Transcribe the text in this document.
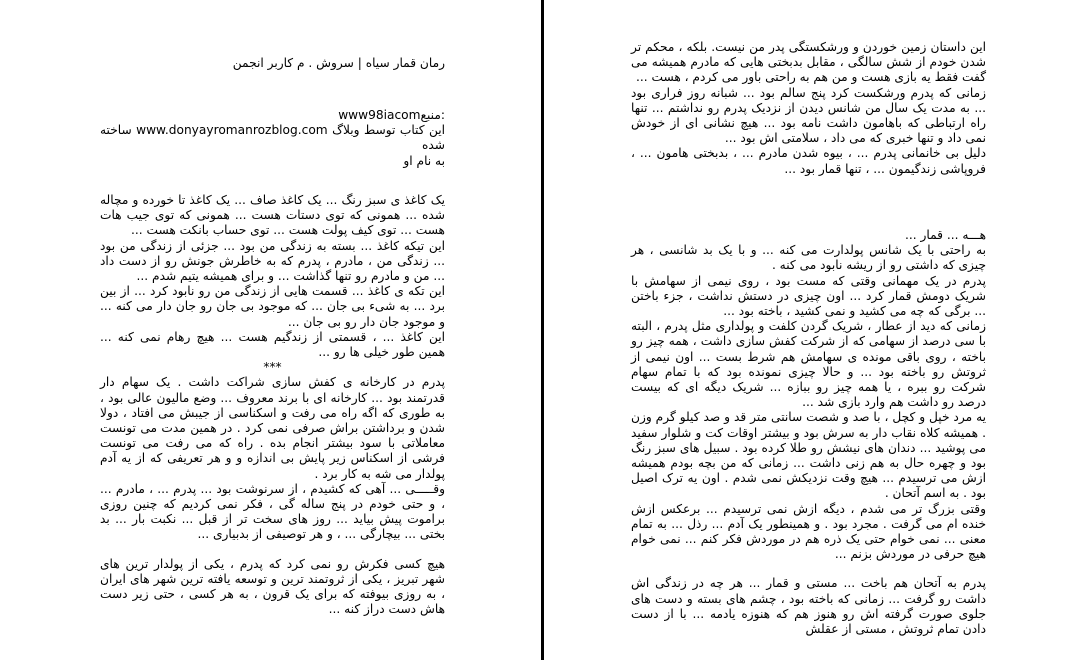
رمان قمار سیاه | سروش . م کاربر انجمن

www98iacomمنبع:

این کتاب توسط وبلاگ www.donyayromanrozblog.com ساخته شده

به نام او

یک کاغذ ی سبز رنگ ... یک کاغذ صاف ... یک کاغذ تا خورده و مچاله شده ... همونی که توی دستات هست ... همونی که توی جیب هات هست ... توی کیف پولت هست ... توی حساب بانکت هست ...

این تیکه کاغذ ... بسته به زندگی من بود ... جزئی از زندگی من بود ... زندگی من ، مادرم ، پدرم که به خاطرش جونش رو از دست داد ... من و مادرم رو تنها گذاشت ... و برای همیشه یتیم شدم ...

این تکه ی کاغذ ... قسمت هایی از زندگی من رو نابود کرد ... از بین برد ... به شیء بی جان ... که موجود بی جان رو جان دار می کنه ... و موجود جان دار رو بی جان ...

این کاغذ ... ، قسمتی از زندگیم هست ... هیچ رهام نمی کنه ... همین طور خیلی ها رو ...

***

پدرم در کارخانه ی کفش سازی شراکت داشت . یک سهام دار قدرتمند بود ... کارخانه ای با برند معروف ... وضع مالیون عالی بود ، به طوری که اگه راه می رفت و اسکناسی از جیبش می افتاد ، دولا شدن و برداشتن براش صرفی نمی کرد . در همین مدت می تونست معاملاتی با سود بیشتر انجام بده . راه که می رفت می تونست فرشی از اسکناس زیر پایش بی اندازه و و هر تعریفی که از یه آدم پولدار می شه به کار برد .

وقـــــی ... آهی که کشیدم ، از سرنوشت بود ... پدرم ... ، مادرم ... ، و حتی خودم در پنج ساله گی ، فکر نمی کردیم که چنین روزی براموت پیش بیاید ... روز های سخت تر از قبل ... نکبت بار ... بد بختی ... بیچارگی ... ، و هر توصیفی از بدبیاری ...

هیچ کسی فکرش رو نمی کرد که پدرم ، یکی از پولدار ترین های شهر تبریز ، یکی از ثروتمند ترین و توسعه یافته ترین شهر های ایران ، به روزی بیوفته که برای یک قرون ، به هر کسی ، حتی زیر دست هاش دست دراز کنه ...

این داستان زمین خوردن و ورشکستگی پدر من نیست. بلکه ، محکم تر شدن خودم از شش سالگی ، مقابل بدبختی هایی که مادرم همیشه می گفت فقط یه بازی هست و من هم به راحتی باور می کردم ، هست ...

زمانی که پدرم ورشکست کرد پنج سالم بود ... شبانه روز فراری بود ... به مدت یک سال من شانس دیدن از نزدیک پدرم رو نداشتم ... تنها راه ارتباطی که باهامون داشت نامه بود ... هیچ نشانی ای از خودش نمی داد و تنها خبری که می داد ، سلامتی اش بود ...

دلیل بی خانمانی پدرم ... ، بیوه شدن مادرم ... ، بدبختی هامون ... ، فروپاشی زندگیمون ... ، تنها قمار بود ...

هـــه ... قمار ...

به راحتی با یک شانس پولدارت می کنه ... و با یک بد شانسی ، هر چیزی که داشتی رو از ریشه نابود می کنه .

پدرم در یک مهمانی وقتی که مست بود ، روی نیمی از سهامش با شریک دومش قمار کرد ... اون چیزی در دستش نداشت ، جزء باختن ... برگی که چه می کشید و نمی کشید ، باخته بود ...

زمانی که دید از عطار ، شریک گردن کلفت و پولداری مثل پدرم ، البته با سی درصد از سهامی که از شرکت کفش سازی داشت ، همه چیز رو باخته ، روی باقی مونده ی سهامش هم شرط بست ... اون نیمی از ثروتش رو باخته بود ... و حالا چیزی نمونده بود که با تمام سهام شرکت رو ببره ، یا همه چیز رو ببازه ... شریک دیگه ای که بیست درصد رو داشت هم وارد بازی شد ...

یه مرد خپل و کچل ، با صد و شصت سانتی متر قد و صد کیلو گرم وزن . همیشه کلاه نقاب دار به سرش بود و بیشتر اوقات کت و شلوار سفید می پوشید ... دندان های نیشش رو طلا کرده بود . سبیل های سبز رنگ بود و چهره حال به هم زنی داشت ... زمانی که من بچه بودم همیشه ازش می ترسیدم ... هیچ وقت نزدیکش نمی شدم . اون یه ترک اصیل بود . به اسم آتحان .

وقتی بزرگ تر می شدم ، دیگه ازش نمی ترسیدم ... برعکس ازش خنده ام می گرفت . مجرد بود . و همینطور یک آدم ... رذل ... به تمام معنی ... نمی خوام حتی یک ذره هم در موردش فکر کنم ... نمی خوام هیچ حرفی در موردش بزنم ...

پدرم به آتحان هم باخت ... مستی و قمار ... هر چه در زندگی اش داشت رو گرفت ... زمانی که باخته بود ، چشم های بسته و دست های جلوی صورت گرفته اش رو هنوز هم که هنوزه یادمه ... با از دست دادن تمام ثروتش ، مستی از عقلش
